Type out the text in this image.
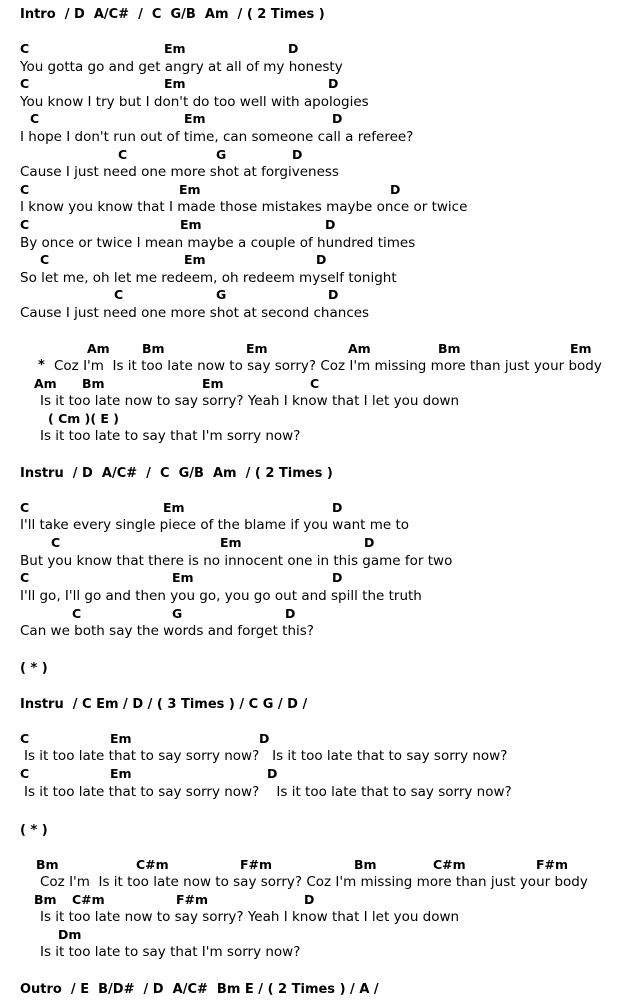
Intro  / D  A/C#  /  C  G/B  Am  / ( 2 Times )
C	Em	D
You gotta go and get angry at all of my honesty
C	Em	D
You know I try but I don't do too well with apologies
C	Em	D
I hope I don't run out of time, can someone call a referee?
C	G	D
Cause I just need one more shot at forgiveness
C	Em	D
I know you know that I made those mistakes maybe once or twice
C	Em	D
By once or twice I mean maybe a couple of hundred times
C	Em	D
So let me, oh let me redeem, oh redeem myself tonight
C	G	D
Cause I just need one more shot at second chances
Am	Bm	Em	Am	Bm	Em
* Coz I'm  Is it too late now to say sorry? Coz I'm missing more than just your body
Am Bm	Em	C
Is it too late now to say sorry? Yeah I know that I let you down
( Cm )( E )
Is it too late to say that I'm sorry now?
Instru  / D  A/C#  /  C  G/B  Am  / ( 2 Times )
C	Em	D
I'll take every single piece of the blame if you want me to
C	Em	D
But you know that there is no innocent one in this game for two
C	Em	D
I'll go, I'll go and then you go, you go out and spill the truth
C	G	D
Can we both say the words and forget this?
( * )
Instru  / C Em / D / ( 3 Times ) / C G / D /
C	Em	D
Is it too late that to say sorry now?   Is it too late that to say sorry now?
C	Em	D
Is it too late that to say sorry now?    Is it too late that to say sorry now?
( * )
Bm	C#m	F#m	Bm	C#m	F#m
Coz I'm  Is it too late now to say sorry? Coz I'm missing more than just your body
Bm C#m	F#m	D
Is it too late now to say sorry? Yeah I know that I let you down
Dm
Is it too late to say that I'm sorry now?
Outro  / E  B/D#  / D  A/C#  Bm E / ( 2 Times ) / A /
